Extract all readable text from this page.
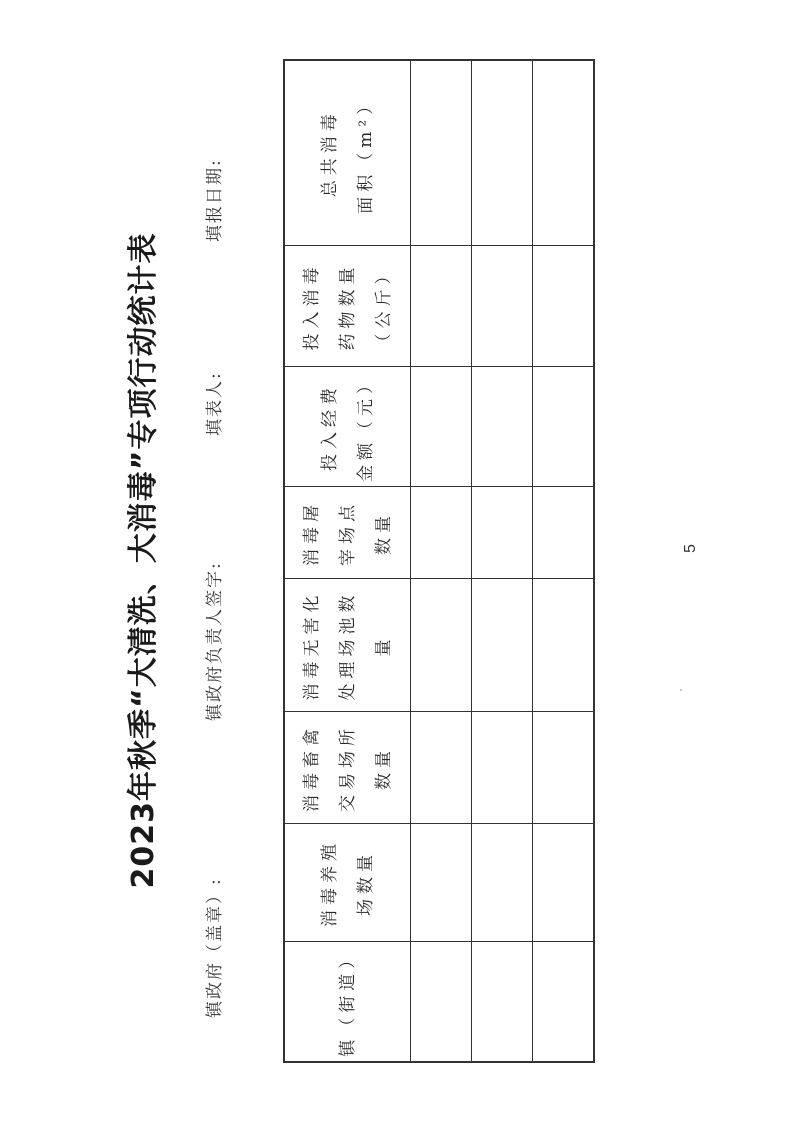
2023年秋季“大清洗、大消毒”专项行动统计表
镇政府（盖章）:
镇政府负责人签字:
填表人:
填报日期:
镇（街道）	消毒养殖 场数量	消毒畜禽 交易场所 数量	消毒无害化 处理场池数 量	消毒屠 宰场点 数量	投入经费 金额（元）	投入消毒 药物数量 （公斤）	总共消毒 面积（m²）

5
